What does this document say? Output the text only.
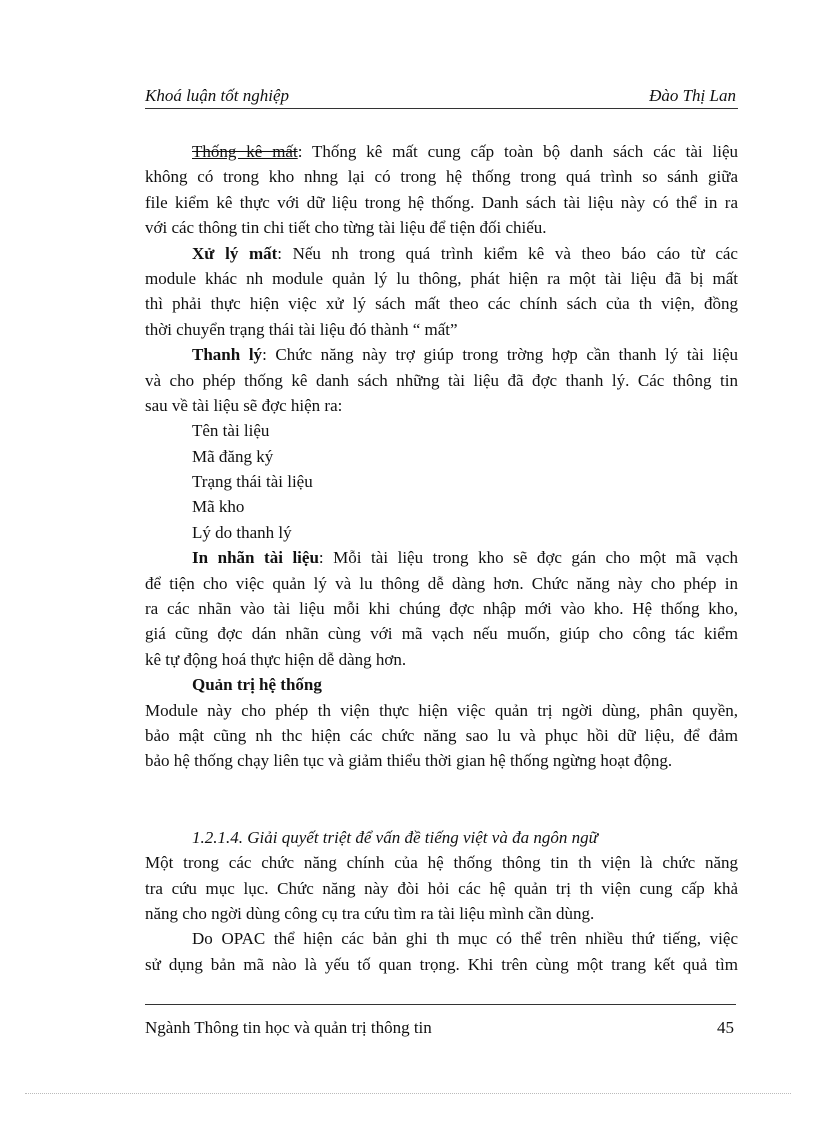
Khoá luận tốt nghiệp	Đào Thị Lan
Thống kê mất: Thống kê mất cung cấp toàn bộ danh sách các tài liệu
không có trong kho nhng lại có trong hệ thống trong quá trình so sánh giữa
file kiểm kê thực với dữ liệu trong hệ thống. Danh sách tài liệu này có thể in ra
với các thông tin chi tiết cho từng tài liệu để tiện đối chiếu.
Xử lý mất: Nếu nh trong quá trình kiểm kê và theo báo cáo từ các
module khác nh module quản lý lu thông, phát hiện ra một tài liệu đã bị mất
thì phải thực hiện việc xử lý sách mất theo các chính sách của th viện, đồng
thời chuyển trạng thái tài liệu đó thành “ mất”
Thanh lý: Chức năng này trợ giúp trong trờng hợp cần thanh lý tài liệu
và cho phép thống kê danh sách những tài liệu đã đợc thanh lý. Các thông tin
sau về tài liệu sẽ đợc hiện ra:
Tên tài liệu
Mã đăng ký
Trạng thái tài liệu
Mã kho
Lý do thanh lý
In nhãn tài liệu: Mỗi tài liệu trong kho sẽ đợc gán cho một mã vạch
để tiện cho việc quản lý và lu thông dễ dàng hơn. Chức năng này cho phép in
ra các nhãn vào tài liệu mỗi khi chúng đợc nhập mới vào kho. Hệ thống kho,
giá cũng đợc dán nhãn cùng với mã vạch nếu muốn, giúp cho công tác kiểm
kê tự động hoá thực hiện dễ dàng hơn.
Quản trị hệ thống
Module này cho phép th viện thực hiện việc quản trị ngời dùng, phân quyền,
bảo mật cũng nh thc hiện các chức năng sao lu và phục hồi dữ liệu, để đảm
bảo hệ thống chạy liên tục và giảm thiểu thời gian hệ thống ngừng hoạt động.
1.2.1.4. Giải quyết triệt để vấn đề tiếng việt và đa ngôn ngữ
Một trong các chức năng chính của hệ thống thông tin th viện là chức năng
tra cứu mục lục. Chức năng này đòi hỏi các hệ quản trị th viện cung cấp khả
năng cho ngời dùng công cụ tra cứu tìm ra tài liệu mình cần dùng.
Do OPAC thể hiện các bản ghi th mục có thể trên nhiều thứ tiếng, việc
sử dụng bản mã nào là yếu tố quan trọng. Khi trên cùng một trang kết quả tìm
Ngành Thông tin học và quản trị thông tin	45
